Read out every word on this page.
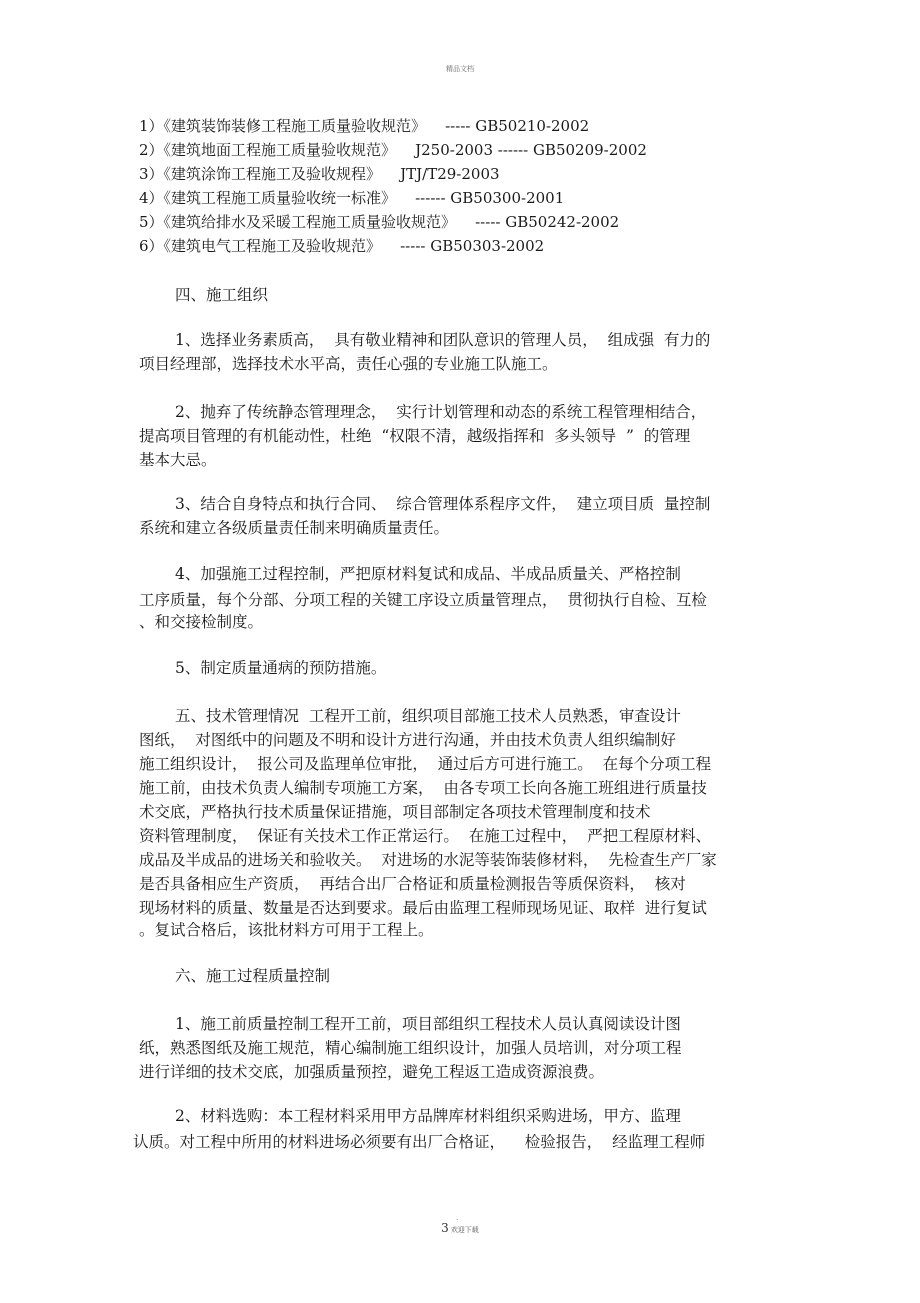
精品文档
1）《建筑装饰装修工程施工质量验收规范》    ----- GB50210-2002
2）《建筑地面工程施工质量验收规范》    J250-2003 ------ GB50209-2002
3）《建筑涂饰工程施工及验收规程》    JTJ/T29-2003
4）《建筑工程施工质量验收统一标准》    ------ GB50300-2001
5）《建筑给排水及采暖工程施工质量验收规范》    ----- GB50242-2002
6）《建筑电气工程施工及验收规范》    ----- GB50303-2002
四、施工组织
1、选择业务素质高，  具有敬业精神和团队意识的管理人员，  组成强  有力的
项目经理部，选择技术水平高，责任心强的专业施工队施工。
2、抛弃了传统静态管理理念，  实行计划管理和动态的系统工程管理相结合，
提高项目管理的有机能动性，杜绝  “权限不清，越级指挥和  多头领导  ”  的管理
基本大忌。
3、结合自身特点和执行合同、  综合管理体系程序文件，  建立项目质  量控制
系统和建立各级质量责任制来明确质量责任。
4、加强施工过程控制，严把原材料复试和成品、半成品质量关、严格控制
工序质量，每个分部、分项工程的关键工序设立质量管理点，  贯彻执行自检、互检
、和交接检制度。
5、制定质量通病的预防措施。
五、技术管理情况  工程开工前，组织项目部施工技术人员熟悉，审查设计
图纸，  对图纸中的问题及不明和设计方进行沟通，并由技术负责人组织编制好
施工组织设计，  报公司及监理单位审批，  通过后方可进行施工。  在每个分项工程
施工前，由技术负责人编制专项施工方案，  由各专项工长向各施工班组进行质量技
术交底，严格执行技术质量保证措施，项目部制定各项技术管理制度和技术
资料管理制度，  保证有关技术工作正常运行。  在施工过程中，  严把工程原材料、
成品及半成品的进场关和验收关。  对进场的水泥等装饰装修材料，  先检查生产厂家
是否具备相应生产资质，  再结合出厂合格证和质量检测报告等质保资料，  核对
现场材料的质量、数量是否达到要求。最后由监理工程师现场见证、取样  进行复试
。复试合格后，该批材料方可用于工程上。
六、施工过程质量控制
1、施工前质量控制工程开工前，项目部组织工程技术人员认真阅读设计图
纸，熟悉图纸及施工规范，精心编制施工组织设计，加强人员培训，对分项工程
进行详细的技术交底，加强质量预控，避免工程返工造成资源浪费。
2、材料选购：本工程材料采用甲方品牌库材料组织采购进场，甲方、监理
认质。对工程中所用的材料进场必须要有出厂合格证，    检验报告，  经监理工程师
.
3 欢迎下载
